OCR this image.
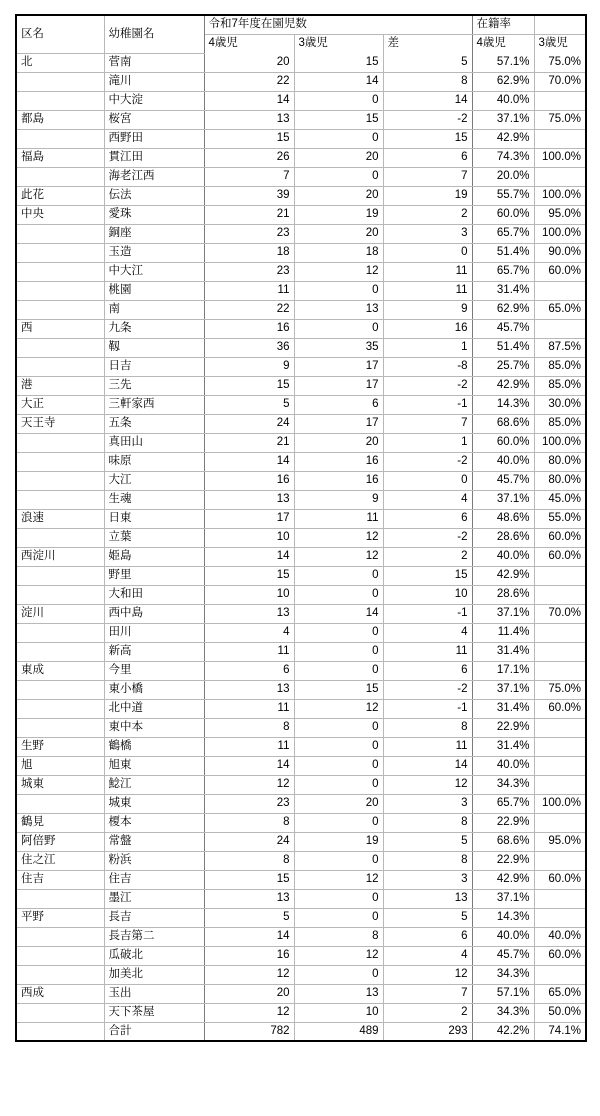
区名	幼稚園名	令和7年度在園児数			在籍率	
		4歳児	3歳児	差	4歳児	3歳児
北	菅南	20	15	5	57.1%	75.0%
	滝川	22	14	8	62.9%	70.0%
	中大淀	14	0	14	40.0%	
都島	桜宮	13	15	-2	37.1%	75.0%
	西野田	15	0	15	42.9%	
福島	貫江田	26	20	6	74.3%	100.0%
	海老江西	7	0	7	20.0%	
此花	伝法	39	20	19	55.7%	100.0%
中央	愛珠	21	19	2	60.0%	95.0%
	銅座	23	20	3	65.7%	100.0%
	玉造	18	18	0	51.4%	90.0%
	中大江	23	12	11	65.7%	60.0%
	桃園	11	0	11	31.4%	
	南	22	13	9	62.9%	65.0%
西	九条	16	0	16	45.7%	
	靱	36	35	1	51.4%	87.5%
	日吉	9	17	-8	25.7%	85.0%
港	三先	15	17	-2	42.9%	85.0%
大正	三軒家西	5	6	-1	14.3%	30.0%
天王寺	五条	24	17	7	68.6%	85.0%
	真田山	21	20	1	60.0%	100.0%
	味原	14	16	-2	40.0%	80.0%
	大江	16	16	0	45.7%	80.0%
	生魂	13	9	4	37.1%	45.0%
浪速	日東	17	11	6	48.6%	55.0%
	立葉	10	12	-2	28.6%	60.0%
西淀川	姫島	14	12	2	40.0%	60.0%
	野里	15	0	15	42.9%	
	大和田	10	0	10	28.6%	
淀川	西中島	13	14	-1	37.1%	70.0%
	田川	4	0	4	11.4%	
	新高	11	0	11	31.4%	
東成	今里	6	0	6	17.1%	
	東小橋	13	15	-2	37.1%	75.0%
	北中道	11	12	-1	31.4%	60.0%
	東中本	8	0	8	22.9%	
生野	鶴橋	11	0	11	31.4%	
旭	旭東	14	0	14	40.0%	
城東	鯰江	12	0	12	34.3%	
	城東	23	20	3	65.7%	100.0%
鶴見	榎本	8	0	8	22.9%	
阿倍野	常盤	24	19	5	68.6%	95.0%
住之江	粉浜	8	0	8	22.9%	
住吉	住吉	15	12	3	42.9%	60.0%
	墨江	13	0	13	37.1%	
平野	長吉	5	0	5	14.3%	
	長吉第二	14	8	6	40.0%	40.0%
	瓜破北	16	12	4	45.7%	60.0%
	加美北	12	0	12	34.3%	
西成	玉出	20	13	7	57.1%	65.0%
	天下茶屋	12	10	2	34.3%	50.0%
	合計	782	489	293	42.2%	74.1%
